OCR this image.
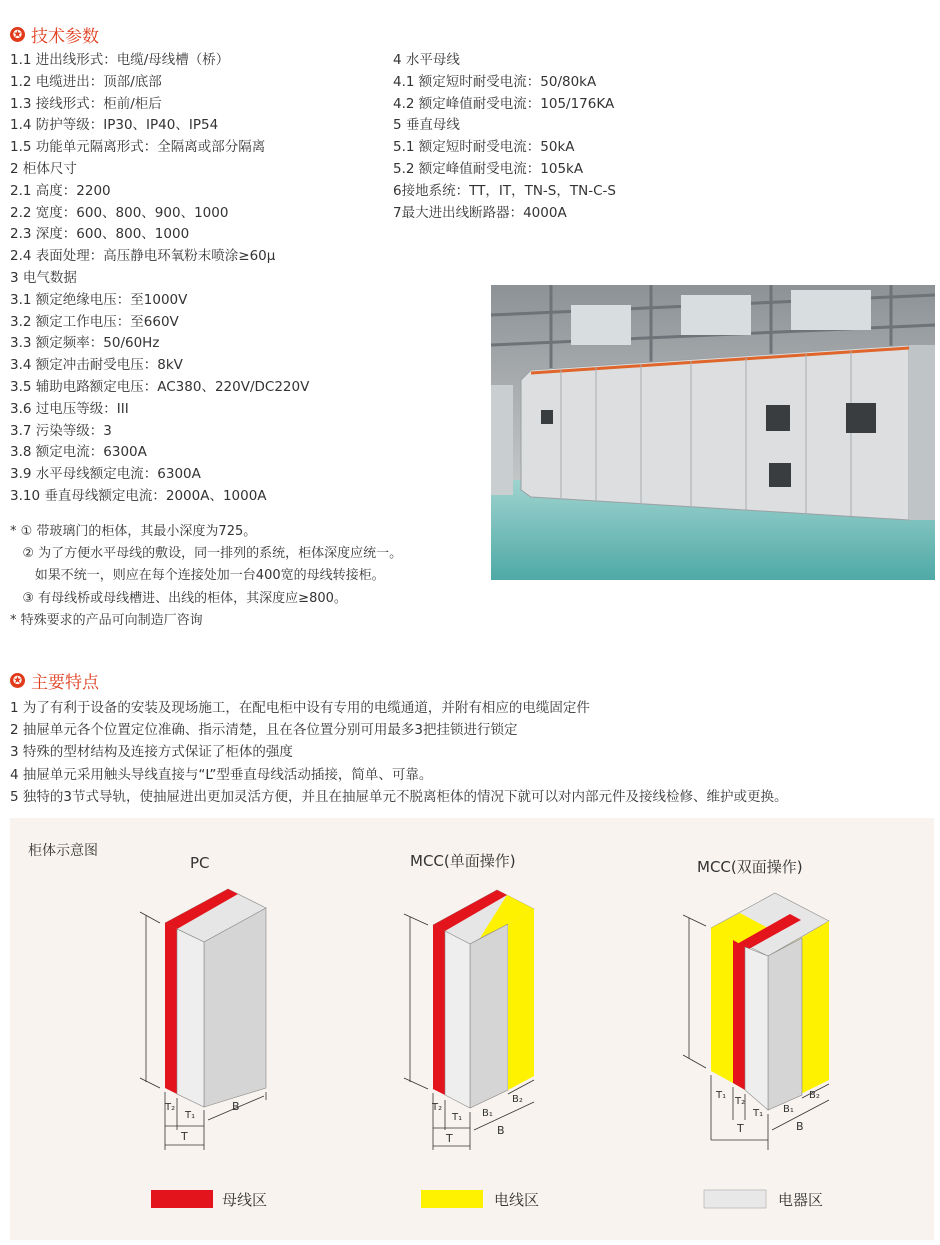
✪ 技术参数
1.1 进出线形式：电缆/母线槽（桥）
1.2 电缆进出：顶部/底部
1.3 接线形式：柜前/柜后
1.4 防护等级：IP30、IP40、IP54
1.5 功能单元隔离形式：全隔离或部分隔离
2 柜体尺寸
2.1 高度：2200
2.2 宽度：600、800、900、1000
2.3 深度：600、800、1000
2.4 表面处理：高压静电环氧粉末喷涂≥60μ
3 电气数据
3.1 额定绝缘电压：至1000V
3.2 额定工作电压：至660V
3.3 额定频率：50/60Hz
3.4 额定冲击耐受电压：8kV
3.5 辅助电路额定电压：AC380、220V/DC220V
3.6 过电压等级：III
3.7 污染等级：3
3.8 额定电流：6300A
3.9 水平母线额定电流：6300A
3.10 垂直母线额定电流：2000A、1000A
4 水平母线
4.1 额定短时耐受电流：50/80kA
4.2 额定峰值耐受电流：105/176KA
5 垂直母线
5.1 额定短时耐受电流：50kA
5.2 额定峰值耐受电流：105kA
6接地系统：TT，IT，TN-S，TN-C-S
7最大进出线断路器：4000A
* ① 带玻璃门的柜体，其最小深度为725。
② 为了方便水平母线的敷设，同一排列的系统，柜体深度应统一。
如果不统一，则应在每个连接处加一台400宽的母线转接柜。
③ 有母线桥或母线槽进、出线的柜体，其深度应≥800。
* 特殊要求的产品可向制造厂咨询
✪ 主要特点
1 为了有利于设备的安装及现场施工，在配电柜中设有专用的电缆通道，并附有相应的电缆固定件
2 抽屉单元各个位置定位准确、指示清楚，且在各位置分别可用最多3把挂锁进行锁定
3 特殊的型材结构及连接方式保证了柜体的强度
4 抽屉单元采用触头导线直接与“L”型垂直母线活动插接，简单、可靠。
5 独特的3节式导轨，使抽屉进出更加灵活方便，并且在抽屉单元不脱离柜体的情况下就可以对内部元件及接线检修、维护或更换。
柜体示意图
PC
T₂
T₁
T
B
MCC(单面操作)
T₂
T₁
T
B₁
B₂
B
MCC(双面操作)
T₁
T₂
T₁
T
B₁
B₂
B
母线区	电线区	电器区
